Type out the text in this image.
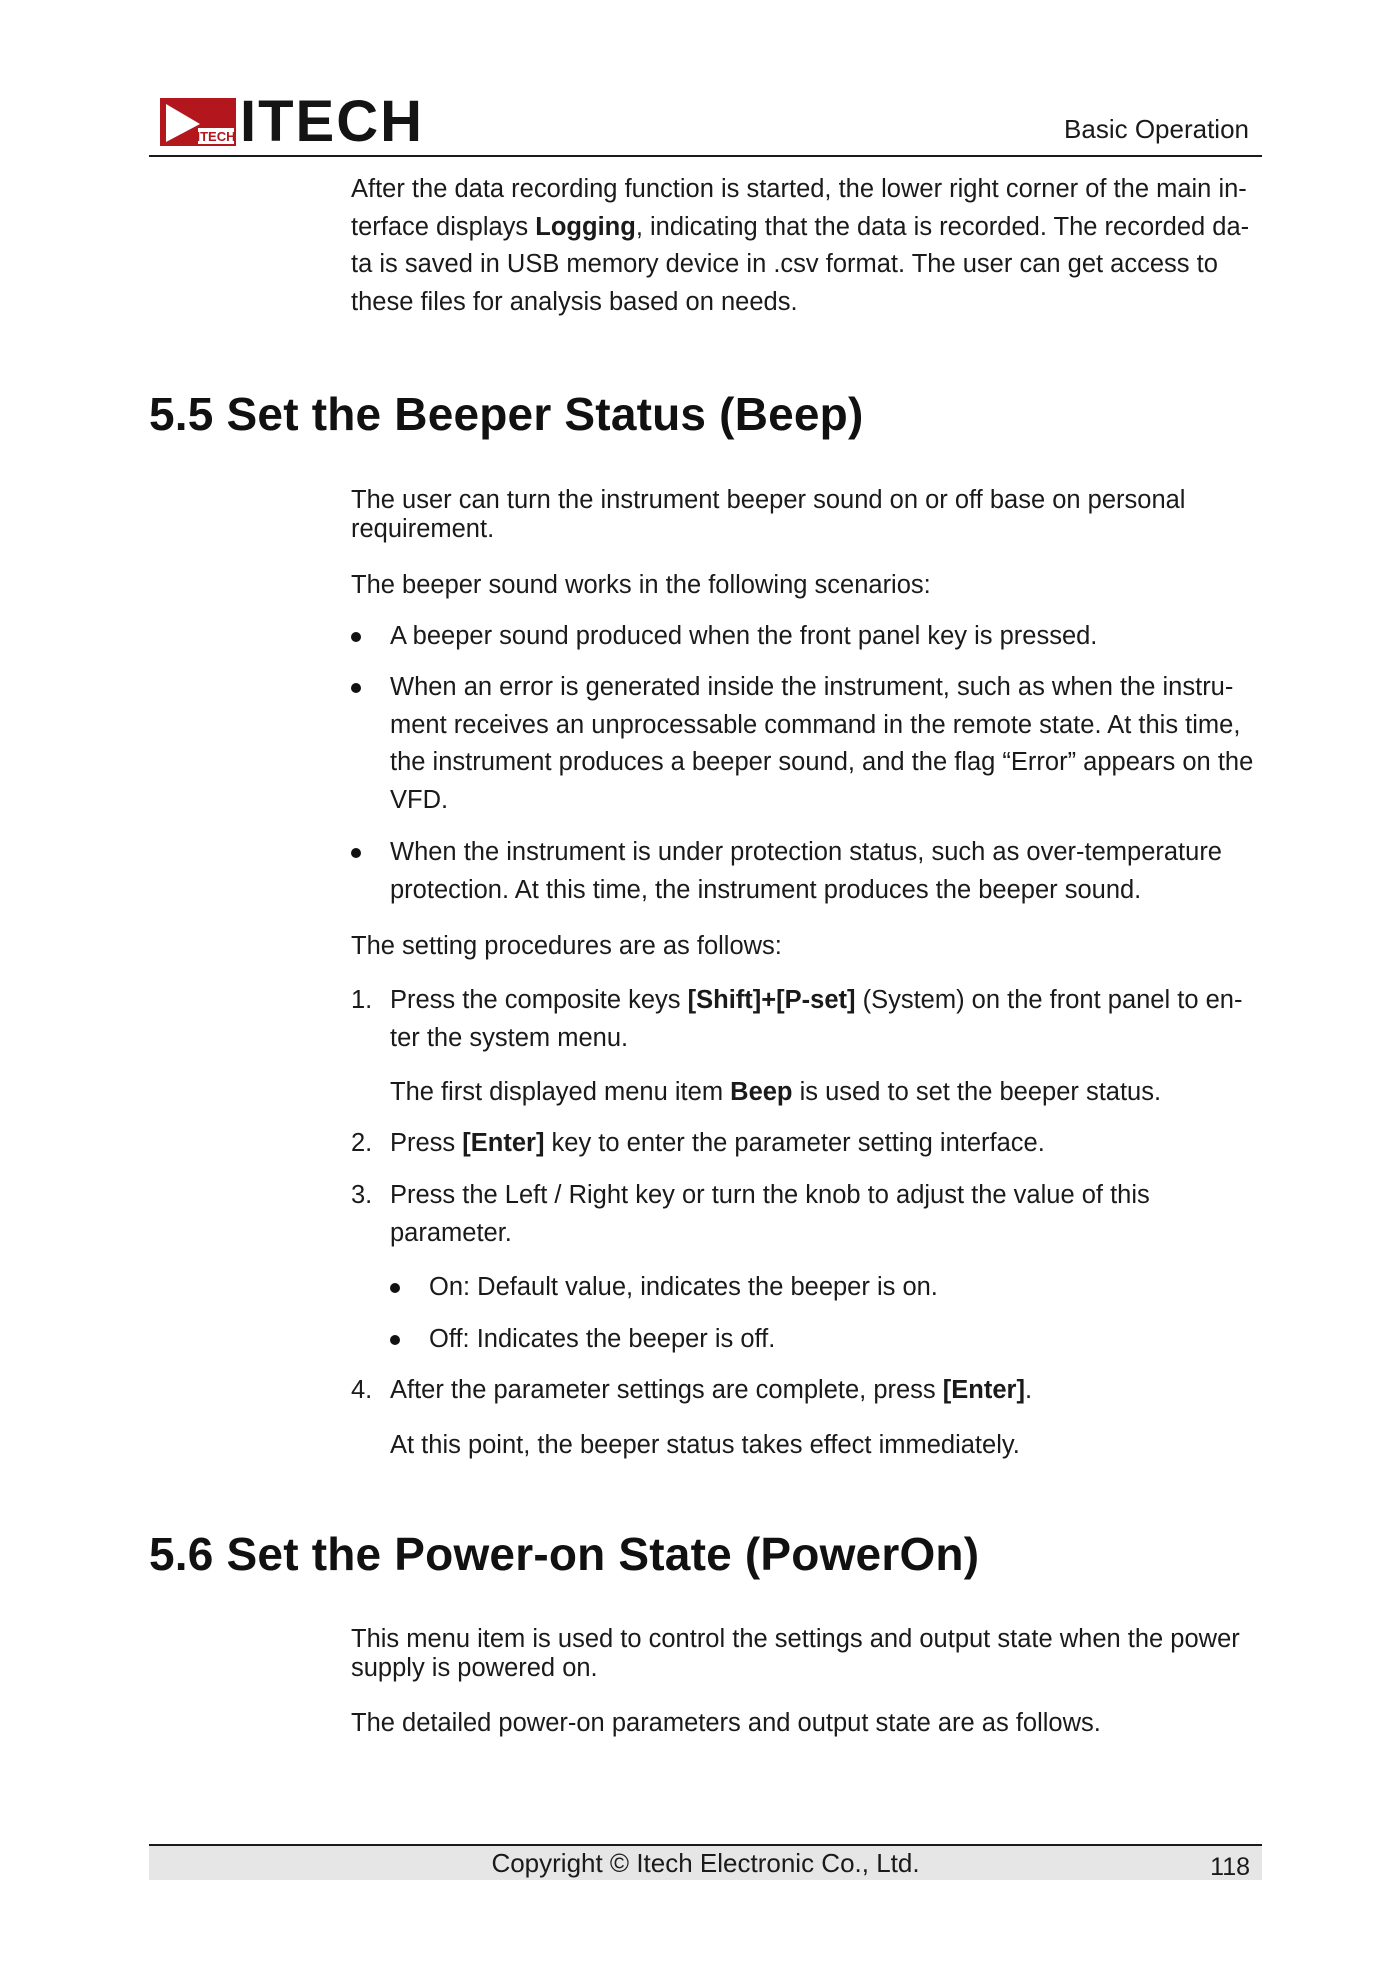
ITECH ITECH	Basic Operation

After the data recording function is started, the lower right corner of the main in-terface displays Logging, indicating that the data is recorded. The recorded da-ta is saved in USB memory device in .csv format. The user can get access to these files for analysis based on needs.

5.5 Set the Beeper Status (Beep)

The user can turn the instrument beeper sound on or off base on personal requirement.

The beeper sound works in the following scenarios:

A beeper sound produced when the front panel key is pressed.

When an error is generated inside the instrument, such as when the instru-ment receives an unprocessable command in the remote state. At this time, the instrument produces a beeper sound, and the flag “Error” appears on the VFD.

When the instrument is under protection status, such as over-temperature protection. At this time, the instrument produces the beeper sound.

The setting procedures are as follows:

1. Press the composite keys [Shift]+[P-set] (System) on the front panel to en-ter the system menu.

The first displayed menu item Beep is used to set the beeper status.

2. Press [Enter] key to enter the parameter setting interface.

3. Press the Left / Right key or turn the knob to adjust the value of this parameter.

On: Default value, indicates the beeper is on.

Off: Indicates the beeper is off.

4. After the parameter settings are complete, press [Enter].

At this point, the beeper status takes effect immediately.

5.6 Set the Power-on State (PowerOn)

This menu item is used to control the settings and output state when the power supply is powered on.

The detailed power-on parameters and output state are as follows.

Copyright © Itech Electronic Co., Ltd.	118
